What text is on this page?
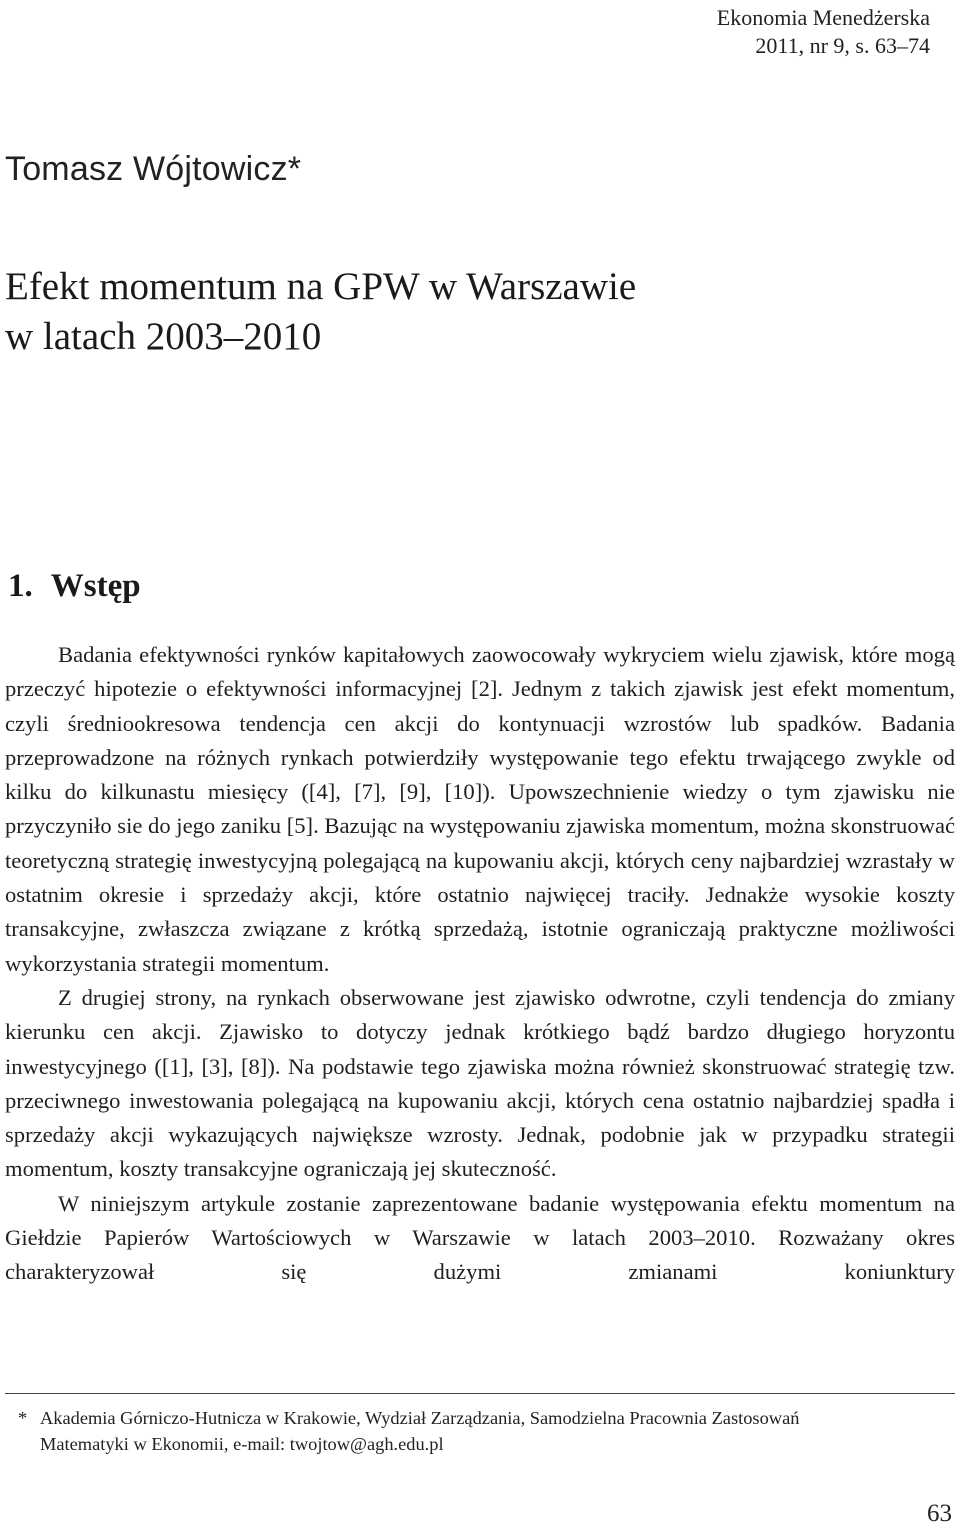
Ekonomia Menedżerska
2011, nr 9, s. 63–74
Tomasz Wójtowicz*
Efekt momentum na GPW w Warszawie
w latach 2003–2010
1. Wstęp

Badania efektywności rynków kapitałowych zaowocowały wykryciem wielu zjawisk, które mogą przeczyć hipotezie o efektywności informacyjnej [2]. Jednym z takich zjawisk jest efekt momentum, czyli średniookresowa tendencja cen akcji do kontynuacji wzrostów lub spadków. Badania przeprowadzone na różnych rynkach potwierdziły występowanie tego efektu trwającego zwykle od kilku do kilkunastu miesięcy ([4], [7], [9], [10]). Upowszechnienie wiedzy o tym zjawisku nie przyczyniło sie do jego zaniku [5]. Bazując na występowaniu zjawiska momentum, można skonstruować teoretyczną strategię inwestycyjną polegającą na kupowaniu akcji, których ceny najbardziej wzrastały w ostatnim okresie i sprzedaży akcji, które ostatnio najwięcej traciły. Jednakże wysokie koszty transakcyjne, zwłaszcza związane z krótką sprzedażą, istotnie ograniczają praktyczne możliwości wykorzystania strategii momentum.

Z drugiej strony, na rynkach obserwowane jest zjawisko odwrotne, czyli tendencja do zmiany kierunku cen akcji. Zjawisko to dotyczy jednak krótkiego bądź bardzo długiego horyzontu inwestycyjnego ([1], [3], [8]). Na podstawie tego zjawiska można również skonstruować strategię tzw. przeciwnego inwestowania polegającą na kupowaniu akcji, których cena ostatnio najbardziej spadła i sprzedaży akcji wykazujących największe wzrosty. Jednak, podobnie jak w przypadku strategii momentum, koszty transakcyjne ograniczają jej skuteczność.

W niniejszym artykule zostanie zaprezentowane badanie występowania efektu momentum na Giełdzie Papierów Wartościowych w Warszawie w latach 2003–2010. Rozważany okres charakteryzował się dużymi zmianami koniunktury

* Akademia Górniczo-Hutnicza w Krakowie, Wydział Zarządzania, Samodzielna Pracownia Zastosowań
Matematyki w Ekonomii, e-mail: twojtow@agh.edu.pl
63
